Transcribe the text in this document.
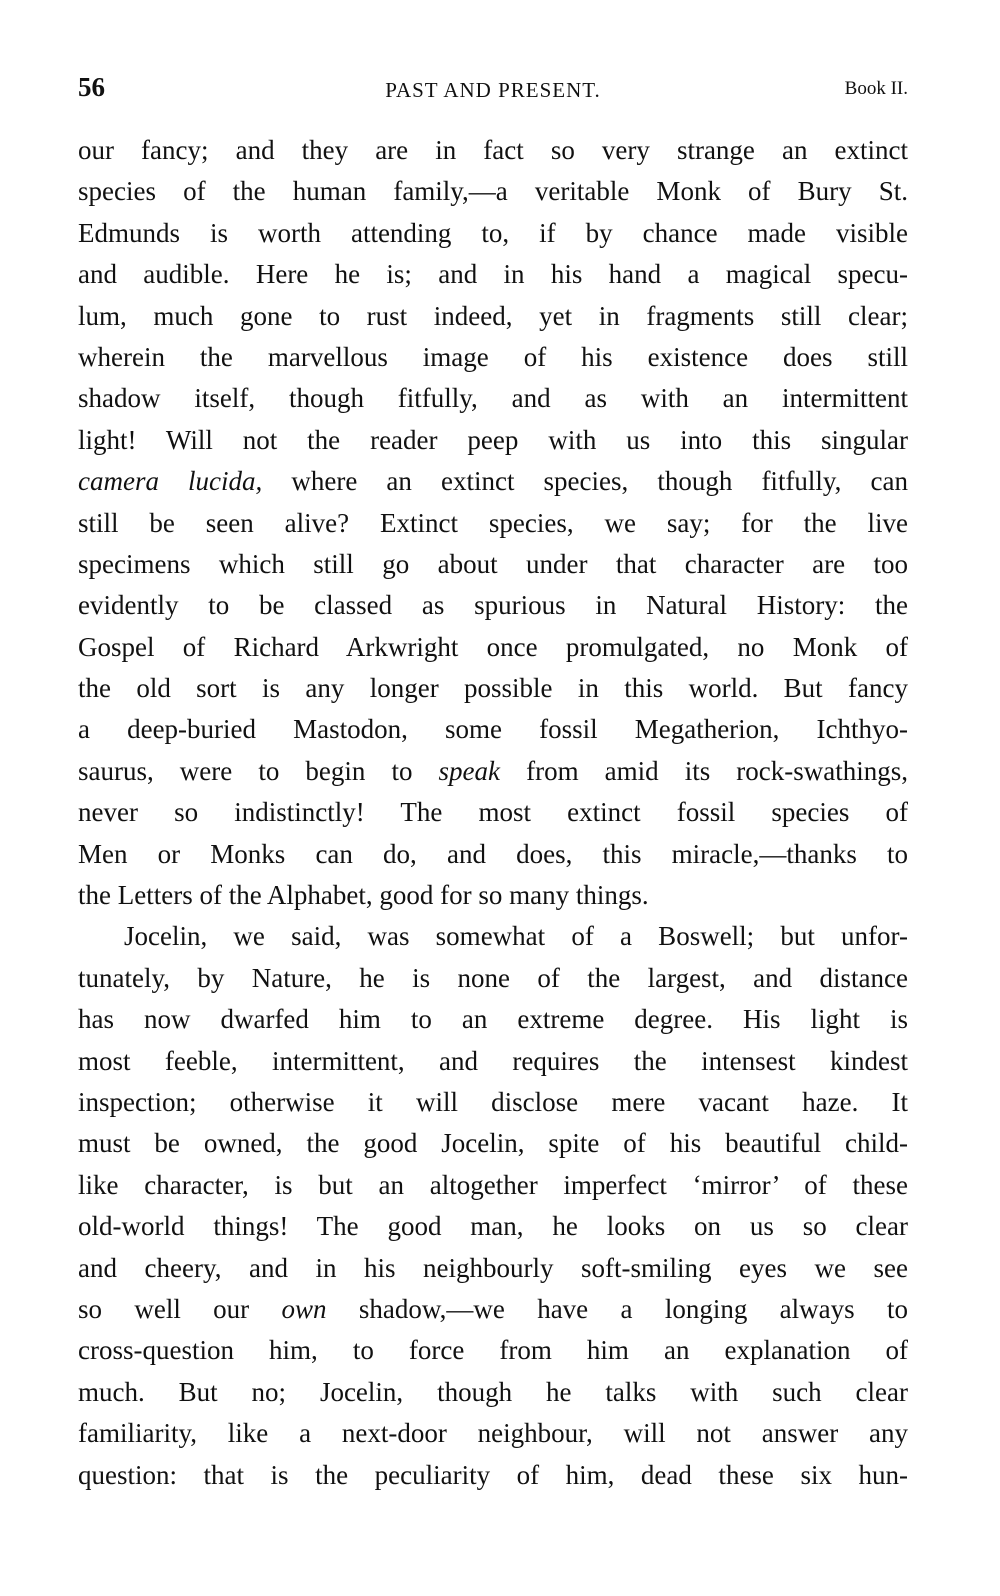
56	PAST AND PRESENT.	Book II.
our fancy; and they are in fact so very strange an extinct
species of the human family,—a veritable Monk of Bury St.
Edmunds is worth attending to, if by chance made visible
and audible. Here he is; and in his hand a magical specu-
lum, much gone to rust indeed, yet in fragments still clear;
wherein the marvellous image of his existence does still
shadow itself, though fitfully, and as with an intermittent
light! Will not the reader peep with us into this singular
camera lucida, where an extinct species, though fitfully, can
still be seen alive? Extinct species, we say; for the live
specimens which still go about under that character are too
evidently to be classed as spurious in Natural History: the
Gospel of Richard Arkwright once promulgated, no Monk of
the old sort is any longer possible in this world. But fancy
a deep-buried Mastodon, some fossil Megatherion, Ichthyo-
saurus, were to begin to speak from amid its rock-swathings,
never so indistinctly! The most extinct fossil species of
Men or Monks can do, and does, this miracle,—thanks to
the Letters of the Alphabet, good for so many things.
Jocelin, we said, was somewhat of a Boswell; but unfor-
tunately, by Nature, he is none of the largest, and distance
has now dwarfed him to an extreme degree. His light is
most feeble, intermittent, and requires the intensest kindest
inspection; otherwise it will disclose mere vacant haze. It
must be owned, the good Jocelin, spite of his beautiful child-
like character, is but an altogether imperfect ‘mirror’ of these
old-world things! The good man, he looks on us so clear
and cheery, and in his neighbourly soft-smiling eyes we see
so well our own shadow,—we have a longing always to
cross-question him, to force from him an explanation of
much. But no; Jocelin, though he talks with such clear
familiarity, like a next-door neighbour, will not answer any
question: that is the peculiarity of him, dead these six hun-
